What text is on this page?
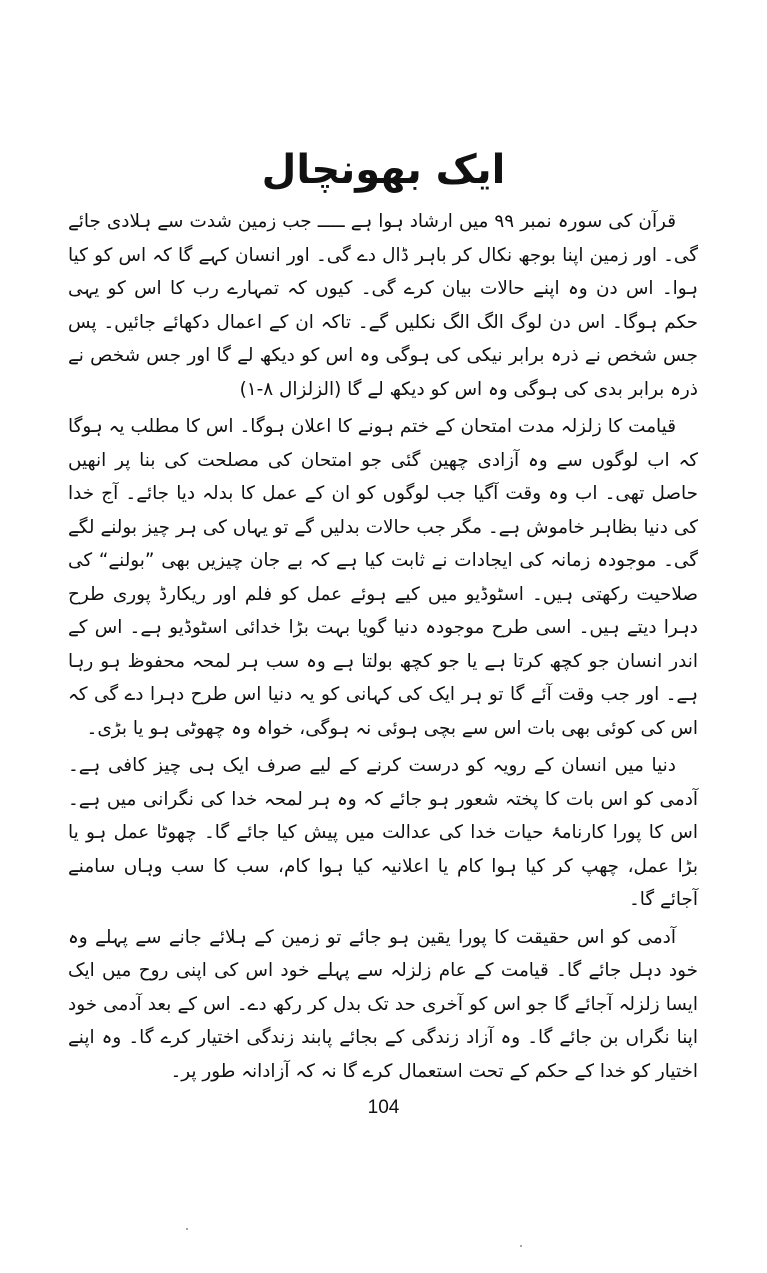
ایک بھونچال

قرآن کی سورہ نمبر ۹۹ میں ارشاد ہوا ہے ـــــ جب زمین شدت سے ہلادی جائے گی۔ اور زمین اپنا بوجھ نکال کر باہر ڈال دے گی۔ اور انسان کہے گا کہ اس کو کیا ہوا۔ اس دن وہ اپنے حالات بیان کرے گی۔ کیوں کہ تمہارے رب کا اس کو یہی حکم ہوگا۔ اس دن لوگ الگ الگ نکلیں گے۔ تاکہ ان کے اعمال دکھائے جائیں۔ پس جس شخص نے ذرہ برابر نیکی کی ہوگی وہ اس کو دیکھ لے گا اور جس شخص نے ذرہ برابر بدی کی ہوگی وہ اس کو دیکھ لے گا (الزلزال ۸-۱)

قیامت کا زلزلہ مدت امتحان کے ختم ہونے کا اعلان ہوگا۔ اس کا مطلب یہ ہوگا کہ اب لوگوں سے وہ آزادی چھین گئی جو امتحان کی مصلحت کی بنا پر انھیں حاصل تھی۔ اب وہ وقت آگیا جب لوگوں کو ان کے عمل کا بدلہ دیا جائے۔ آج خدا کی دنیا بظاہر خاموش ہے۔ مگر جب حالات بدلیں گے تو یہاں کی ہر چیز بولنے لگے گی۔ موجودہ زمانہ کی ایجادات نے ثابت کیا ہے کہ بے جان چیزیں بھی ”بولنے“ کی صلاحیت رکھتی ہیں۔ اسٹوڈیو میں کیے ہوئے عمل کو فلم اور ریکارڈ پوری طرح دہرا دیتے ہیں۔ اسی طرح موجودہ دنیا گویا بہت بڑا خدائی اسٹوڈیو ہے۔ اس کے اندر انسان جو کچھ کرتا ہے یا جو کچھ بولتا ہے وہ سب ہر لمحہ محفوظ ہو رہا ہے۔ اور جب وقت آئے گا تو ہر ایک کی کہانی کو یہ دنیا اس طرح دہرا دے گی کہ اس کی کوئی بھی بات اس سے بچی ہوئی نہ ہوگی، خواہ وہ چھوٹی ہو یا بڑی۔

دنیا میں انسان کے رویہ کو درست کرنے کے لیے صرف ایک ہی چیز کافی ہے۔ آدمی کو اس بات کا پختہ شعور ہو جائے کہ وہ ہر لمحہ خدا کی نگرانی میں ہے۔ اس کا پورا کارنامۂ حیات خدا کی عدالت میں پیش کیا جائے گا۔ چھوٹا عمل ہو یا بڑا عمل، چھپ کر کیا ہوا کام یا اعلانیہ کیا ہوا کام، سب کا سب وہاں سامنے آجائے گا۔

آدمی کو اس حقیقت کا پورا یقین ہو جائے تو زمین کے ہلائے جانے سے پہلے وہ خود دہل جائے گا۔ قیامت کے عام زلزلہ سے پہلے خود اس کی اپنی روح میں ایک ایسا زلزلہ آجائے گا جو اس کو آخری حد تک بدل کر رکھ دے۔ اس کے بعد آدمی خود اپنا نگراں بن جائے گا۔ وہ آزاد زندگی کے بجائے پابند زندگی اختیار کرے گا۔ وہ اپنے اختیار کو خدا کے حکم کے تحت استعمال کرے گا نہ کہ آزادانہ طور پر۔

104
